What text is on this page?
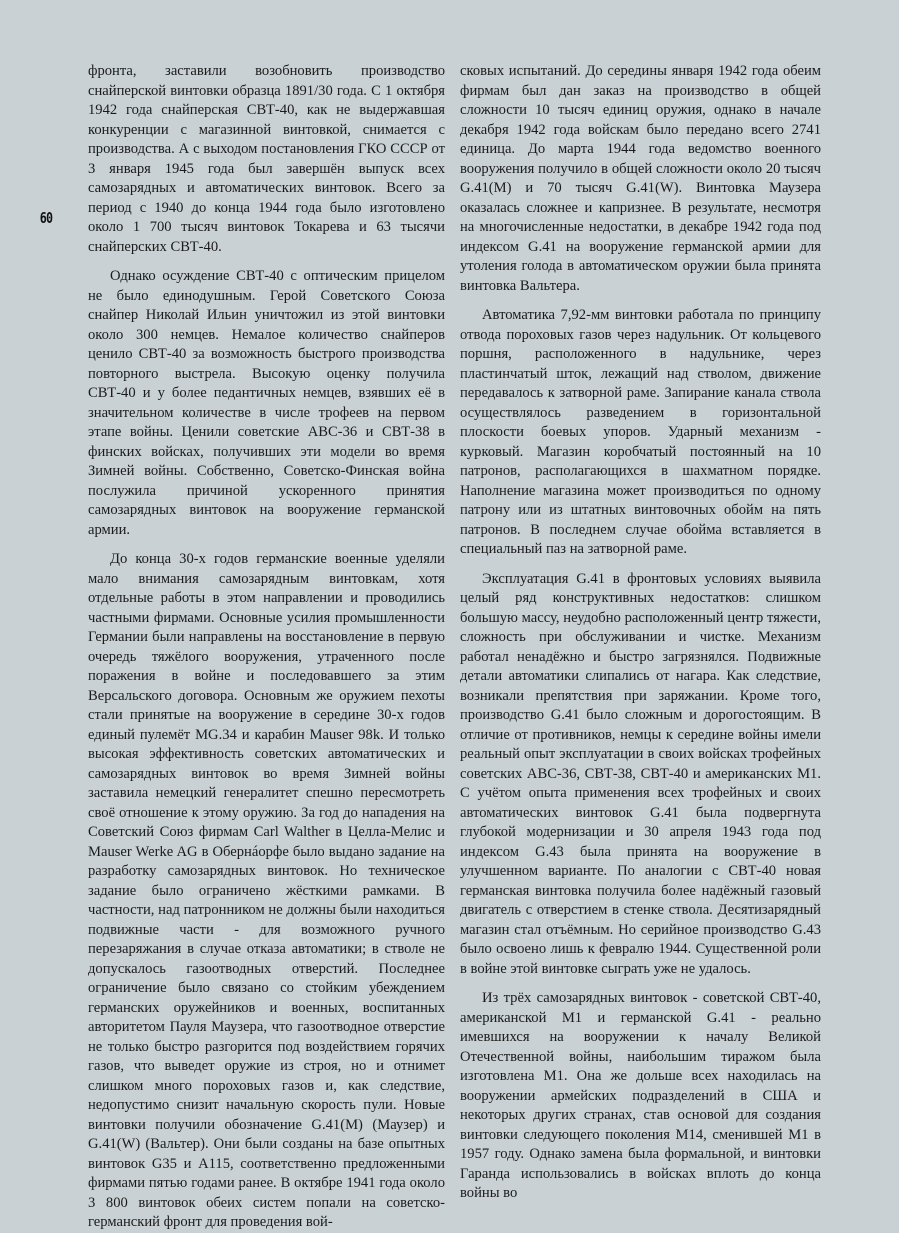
60

фронта, заставили возобновить производство снайперской винтовки образца 1891/30 года. С 1 октября 1942 года снайперская СВТ-40, как не выдержавшая конкуренции с магазинной винтовкой, снимается с производства. А с выходом постановления ГКО СССР от 3 января 1945 года был завершён выпуск всех самозарядных и автоматических винтовок. Всего за период с 1940 до конца 1944 года было изготовлено около 1 700 тысяч винтовок Токарева и 63 тысячи снайперских СВТ-40.

Однако осуждение СВТ-40 с оптическим прицелом не было единодушным. Герой Советского Союза снайпер Николай Ильин уничтожил из этой винтовки около 300 немцев. Немалое количество снайперов ценило СВТ-40 за возможность быстрого производства повторного выстрела. Высокую оценку получила СВТ-40 и у более педантичных немцев, взявших её в значительном количестве в числе трофеев на первом этапе войны. Ценили советские АВС-36 и СВТ-38 в финских войсках, получивших эти модели во время Зимней войны. Собственно, Советско-Финская война послужила причиной ускоренного принятия самозарядных винтовок на вооружение германской армии.

До конца 30-х годов германские военные уделяли мало внимания самозарядным винтовкам, хотя отдельные работы в этом направлении и проводились частными фирмами. Основные усилия промышленности Германии были направлены на восстановление в первую очередь тяжёлого вооружения, утраченного после поражения в войне и последовавшего за этим Версальского договора. Основным же оружием пехоты стали принятые на вооружение в середине 30-х годов единый пулемёт MG.34 и карабин Mauser 98k. И только высокая эффективность советских автоматических и самозарядных винтовок во время Зимней войны заставила немецкий генералитет спешно пересмотреть своё отношение к этому оружию. За год до нападения на Советский Союз фирмам Carl Walther в Целла-Мелис и Mauser Werke AG в Обернáорфе было выдано задание на разработку самозарядных винтовок. Но техническое задание было ограничено жёсткими рамками. В частности, над патронником не должны были находиться подвижные части - для возможного ручного перезаряжания в случае отказа автоматики; в стволе не допускалось газоотводных отверстий. Последнее ограничение было связано со стойким убеждением германских оружейников и военных, воспитанных авторитетом Пауля Маузера, что газоотводное отверстие не только быстро разгорится под воздействием горячих газов, что выведет оружие из строя, но и отнимет слишком много пороховых газов и, как следствие, недопустимо снизит начальную скорость пули. Новые винтовки получили обозначение G.41(M) (Маузер) и G.41(W) (Вальтер). Они были созданы на базе опытных винтовок G35 и A115, соответственно предложенными фирмами пятью годами ранее. В октябре 1941 года около 3 800 винтовок обеих систем попали на советско-германский фронт для проведения вой-

сковых испытаний. До середины января 1942 года обеим фирмам был дан заказ на производство в общей сложности 10 тысяч единиц оружия, однако в начале декабря 1942 года войскам было передано всего 2741 единица. До марта 1944 года ведомство военного вооружения получило в общей сложности около 20 тысяч G.41(M) и 70 тысяч G.41(W). Винтовка Маузера оказалась сложнее и капризнее. В результате, несмотря на многочисленные недостатки, в декабре 1942 года под индексом G.41 на вооружение германской армии для утоления голода в автоматическом оружии была принята винтовка Вальтера.

Автоматика 7,92-мм винтовки работала по принципу отвода пороховых газов через надульник. От кольцевого поршня, расположенного в надульнике, через пластинчатый шток, лежащий над стволом, движение передавалось к затворной раме. Запирание канала ствола осуществлялось разведением в горизонтальной плоскости боевых упоров. Ударный механизм - курковый. Магазин коробчатый постоянный на 10 патронов, располагающихся в шахматном порядке. Наполнение магазина может производиться по одному патрону или из штатных винтовочных обойм на пять патронов. В последнем случае обойма вставляется в специальный паз на затворной раме.

Эксплуатация G.41 в фронтовых условиях выявила целый ряд конструктивных недостатков: слишком большую массу, неудобно расположенный центр тяжести, сложность при обслуживании и чистке. Механизм работал ненадёжно и быстро загрязнялся. Подвижные детали автоматики слипались от нагара. Как следствие, возникали препятствия при заряжании. Кроме того, производство G.41 было сложным и дорогостоящим. В отличие от противников, немцы к середине войны имели реальный опыт эксплуатации в своих войсках трофейных советских АВС-36, СВТ-38, СВТ-40 и американских M1. С учётом опыта применения всех трофейных и своих автоматических винтовок G.41 была подвергнута глубокой модернизации и 30 апреля 1943 года под индексом G.43 была принята на вооружение в улучшенном варианте. По аналогии с СВТ-40 новая германская винтовка получила более надёжный газовый двигатель с отверстием в стенке ствола. Десятизарядный магазин стал отъёмным. Но серийное производство G.43 было освоено лишь к февралю 1944. Существенной роли в войне этой винтовке сыграть уже не удалось.

Из трёх самозарядных винтовок - советской СВТ-40, американской M1 и германской G.41 - реально имевшихся на вооружении к началу Великой Отечественной войны, наибольшим тиражом была изготовлена M1. Она же дольше всех находилась на вооружении армейских подразделений в США и некоторых других странах, став основой для создания винтовки следующего поколения M14, сменившей M1 в 1957 году. Однако замена была формальной, и винтовки Гаранда использовались в войсках вплоть до конца войны во
